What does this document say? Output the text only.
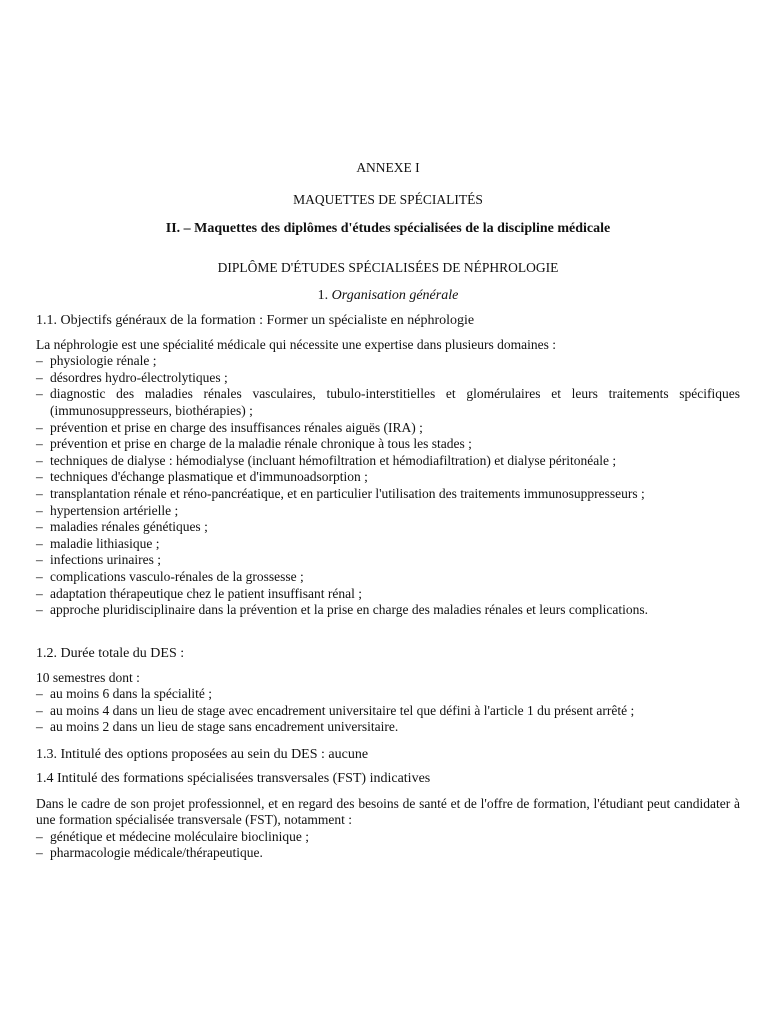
ANNEXE I
MAQUETTES DE SPÉCIALITÉS
II. – Maquettes des diplômes d'études spécialisées de la discipline médicale
DIPLÔME D'ÉTUDES SPÉCIALISÉES DE NÉPHROLOGIE
1. Organisation générale

1.1. Objectifs généraux de la formation : Former un spécialiste en néphrologie

La néphrologie est une spécialité médicale qui nécessite une expertise dans plusieurs domaines :

– physiologie rénale ;
– désordres hydro-électrolytiques ;
– diagnostic des maladies rénales vasculaires, tubulo-interstitielles et glomérulaires et leurs traitements spécifiques (immunosuppresseurs, biothérapies) ;
– prévention et prise en charge des insuffisances rénales aiguës (IRA) ;
– prévention et prise en charge de la maladie rénale chronique à tous les stades ;
– techniques de dialyse : hémodialyse (incluant hémofiltration et hémodiafiltration) et dialyse péritonéale ;
– techniques d'échange plasmatique et d'immunoadsorption ;
– transplantation rénale et réno-pancréatique, et en particulier l'utilisation des traitements immunosuppresseurs ;
– hypertension artérielle ;
– maladies rénales génétiques ;
– maladie lithiasique ;
– infections urinaires ;
– complications vasculo-rénales de la grossesse ;
– adaptation thérapeutique chez le patient insuffisant rénal ;
– approche pluridisciplinaire dans la prévention et la prise en charge des maladies rénales et leurs complications.

1.2. Durée totale du DES :

10 semestres dont :

– au moins 6 dans la spécialité ;
– au moins 4 dans un lieu de stage avec encadrement universitaire tel que défini à l'article 1 du présent arrêté ;
– au moins 2 dans un lieu de stage sans encadrement universitaire.

1.3. Intitulé des options proposées au sein du DES : aucune

1.4 Intitulé des formations spécialisées transversales (FST) indicatives

Dans le cadre de son projet professionnel, et en regard des besoins de santé et de l'offre de formation, l'étudiant peut candidater à une formation spécialisée transversale (FST), notamment :

– génétique et médecine moléculaire bioclinique ;
– pharmacologie médicale/thérapeutique.
